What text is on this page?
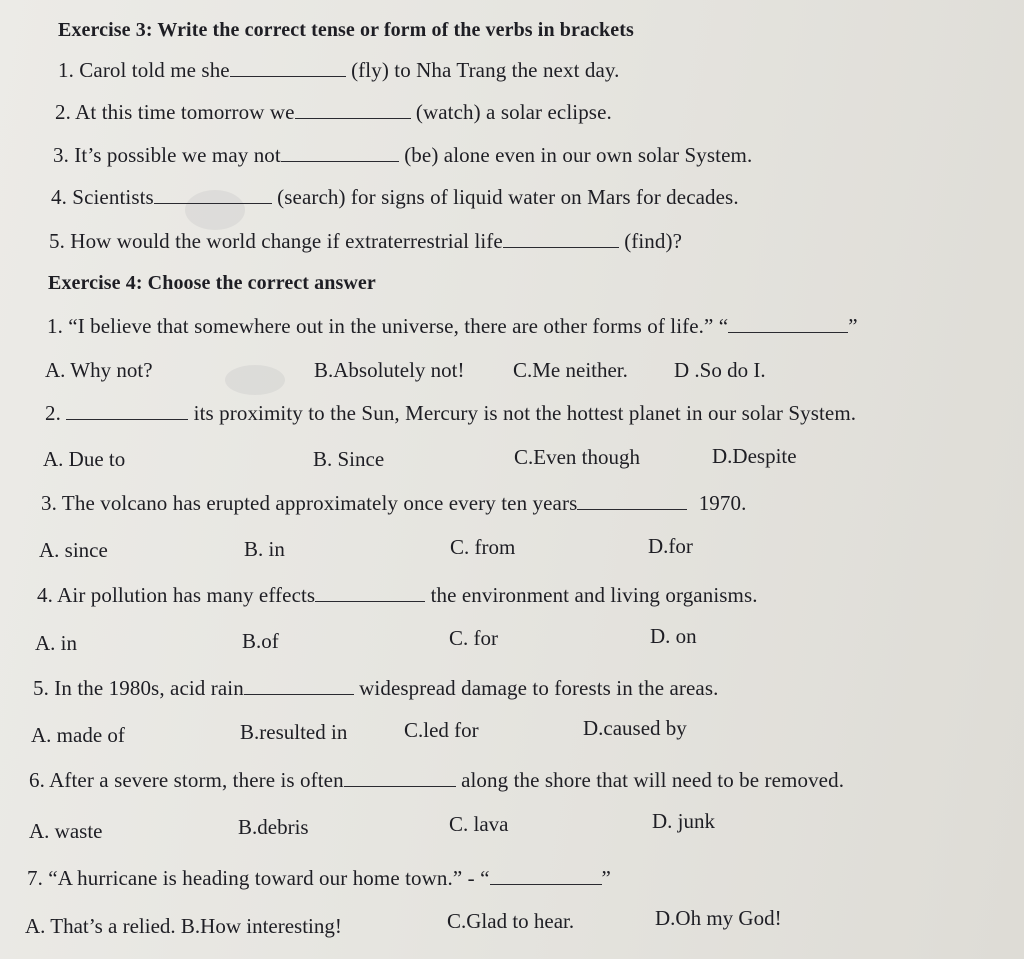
Exercise 3: Write the correct tense or form of the verbs in brackets
1. Carol told me she	(fly) to Nha Trang the next day.
2. At this time tomorrow we	(watch) a solar eclipse.
3. It’s possible we may not	(be) alone even in our own solar System.
4. Scientists	(search) for signs of liquid water on Mars for decades.
5. How would the world change if extraterrestrial life	(find)?
Exercise 4: Choose the correct answer
1. “I believe that somewhere out in the universe, there are other forms of life.” “	”
A. Why not?	B.Absolutely not! C.Me neither. D .So do I.
2.	its proximity to the Sun, Mercury is not the hottest planet in our solar System.
A. Due to	B. Since	C.Even though	D.Despite
3. The volcano has erupted approximately once every ten years	1970.
A. since	B. in	C. from	D.for
4. Air pollution has many effects	the environment and living organisms.
A. in	B.of	C. for	D. on
5. In the 1980s, acid rain	widespread damage to forests in the areas.
A. made of	B.resulted in	C.led for	D.caused by
6. After a severe storm, there is often	along the shore that will need to be removed.
A. waste	B.debris	C. lava	D. junk
7. “A hurricane is heading toward our home town.” - “	”
A. That’s a relied. B.How interesting!	C.Glad to hear.	D.Oh my God!
